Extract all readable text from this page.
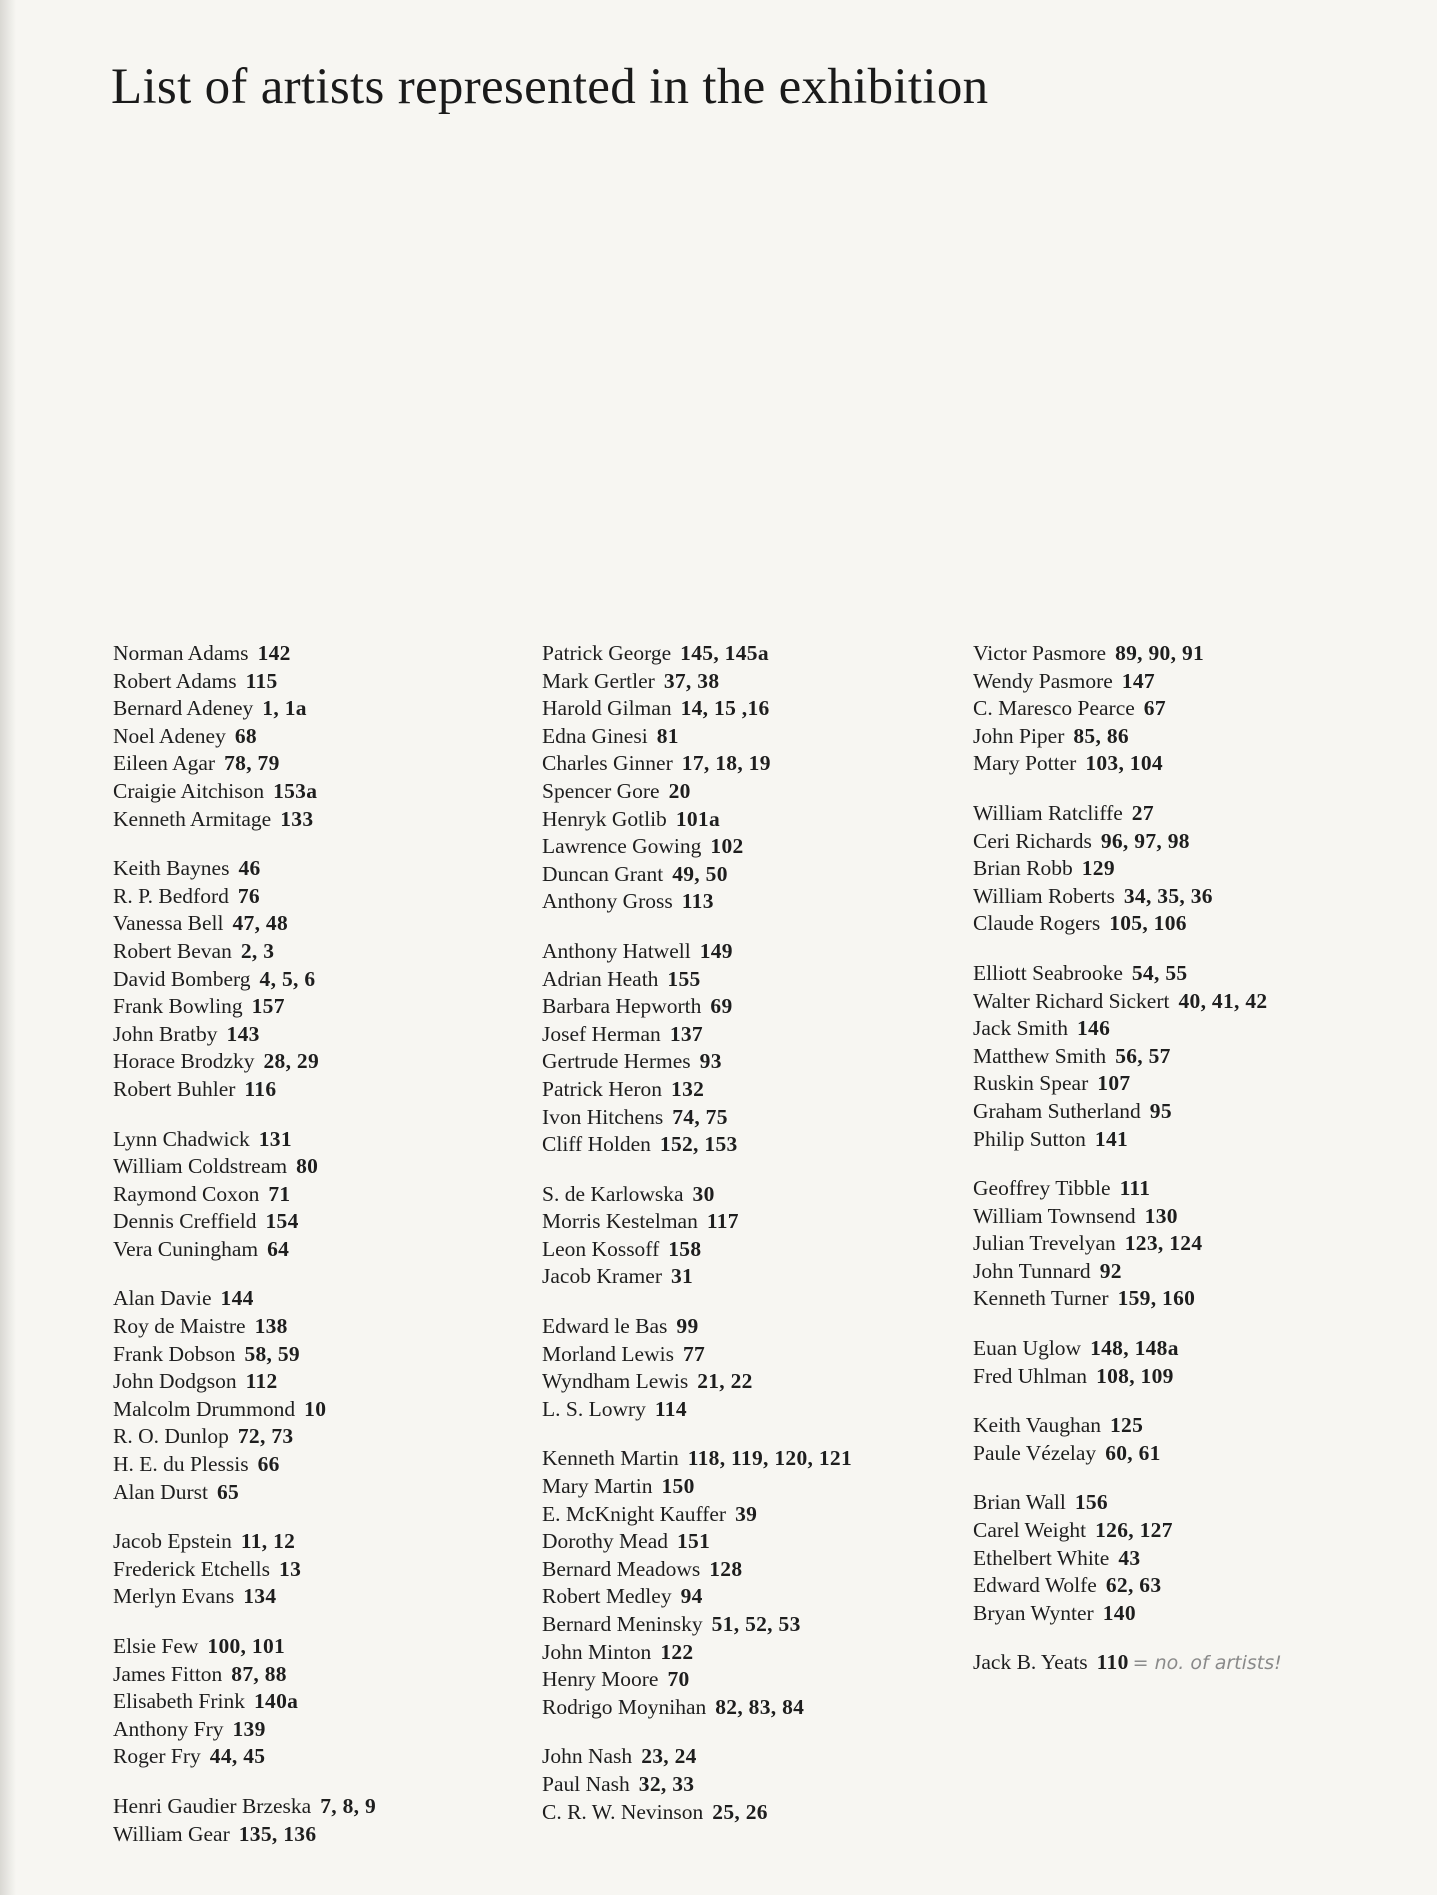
List of artists represented in the exhibition
Norman Adams 142
Robert Adams 115
Bernard Adeney 1, 1a
Noel Adeney 68
Eileen Agar 78, 79
Craigie Aitchison 153a
Kenneth Armitage 133
Keith Baynes 46
R. P. Bedford 76
Vanessa Bell 47, 48
Robert Bevan 2, 3
David Bomberg 4, 5, 6
Frank Bowling 157
John Bratby 143
Horace Brodzky 28, 29
Robert Buhler 116
Lynn Chadwick 131
William Coldstream 80
Raymond Coxon 71
Dennis Creffield 154
Vera Cuningham 64
Alan Davie 144
Roy de Maistre 138
Frank Dobson 58, 59
John Dodgson 112
Malcolm Drummond 10
R. O. Dunlop 72, 73
H. E. du Plessis 66
Alan Durst 65
Jacob Epstein 11, 12
Frederick Etchells 13
Merlyn Evans 134
Elsie Few 100, 101
James Fitton 87, 88
Elisabeth Frink 140a
Anthony Fry 139
Roger Fry 44, 45
Henri Gaudier Brzeska 7, 8, 9
William Gear 135, 136
Patrick George 145, 145a
Mark Gertler 37, 38
Harold Gilman 14, 15 ,16
Edna Ginesi 81
Charles Ginner 17, 18, 19
Spencer Gore 20
Henryk Gotlib 101a
Lawrence Gowing 102
Duncan Grant 49, 50
Anthony Gross 113
Anthony Hatwell 149
Adrian Heath 155
Barbara Hepworth 69
Josef Herman 137
Gertrude Hermes 93
Patrick Heron 132
Ivon Hitchens 74, 75
Cliff Holden 152, 153
S. de Karlowska 30
Morris Kestelman 117
Leon Kossoff 158
Jacob Kramer 31
Edward le Bas 99
Morland Lewis 77
Wyndham Lewis 21, 22
L. S. Lowry 114
Kenneth Martin 118, 119, 120, 121
Mary Martin 150
E. McKnight Kauffer 39
Dorothy Mead 151
Bernard Meadows 128
Robert Medley 94
Bernard Meninsky 51, 52, 53
John Minton 122
Henry Moore 70
Rodrigo Moynihan 82, 83, 84
John Nash 23, 24
Paul Nash 32, 33
C. R. W. Nevinson 25, 26
Victor Pasmore 89, 90, 91
Wendy Pasmore 147
C. Maresco Pearce 67
John Piper 85, 86
Mary Potter 103, 104
William Ratcliffe 27
Ceri Richards 96, 97, 98
Brian Robb 129
William Roberts 34, 35, 36
Claude Rogers 105, 106
Elliott Seabrooke 54, 55
Walter Richard Sickert 40, 41, 42
Jack Smith 146
Matthew Smith 56, 57
Ruskin Spear 107
Graham Sutherland 95
Philip Sutton 141
Geoffrey Tibble 111
William Townsend 130
Julian Trevelyan 123, 124
John Tunnard 92
Kenneth Turner 159, 160
Euan Uglow 148, 148a
Fred Uhlman 108, 109
Keith Vaughan 125
Paule Vézelay 60, 61
Brian Wall 156
Carel Weight 126, 127
Ethelbert White 43
Edward Wolfe 62, 63
Bryan Wynter 140
Jack B. Yeats 110 = no. of artists!
